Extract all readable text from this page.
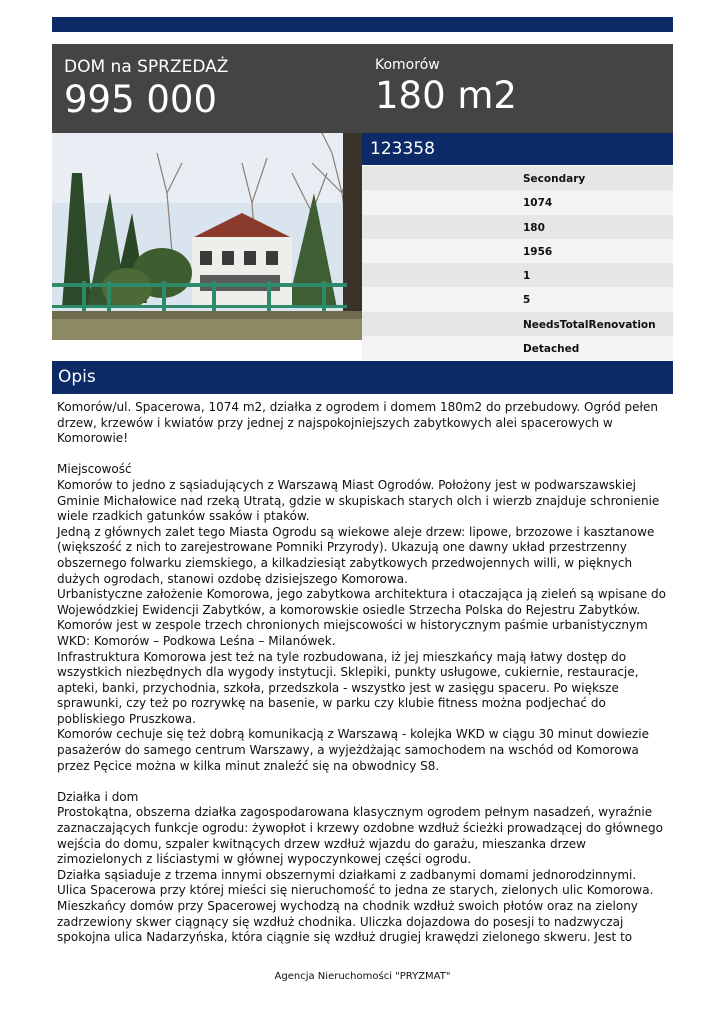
DOM na SPRZEDAŻ
995 000
Komorów
180 m2
123358
Secondary
1074
180
1956
1
5
NeedsTotalRenovation
Detached
Opis

Komorów/ul. Spacerowa, 1074 m2, działka z ogrodem i domem 180m2 do przebudowy. Ogród pełen drzew, krzewów i kwiatów przy jednej z najspokojniejszych zabytkowych alei spacerowych w Komorowie!

Miejscowość

Komorów to jedno z sąsiadujących z Warszawą Miast Ogrodów. Położony jest w podwarszawskiej Gminie Michałowice nad rzeką Utratą, gdzie w skupiskach starych olch i wierzb znajduje schronienie wiele rzadkich gatunków ssaków i ptaków.

Jedną z głównych zalet tego Miasta Ogrodu są wiekowe aleje drzew: lipowe, brzozowe i kasztanowe (większość z nich to zarejestrowane Pomniki Przyrody). Ukazują one dawny układ przestrzenny obszernego folwarku ziemskiego, a kilkadziesiąt zabytkowych przedwojennych willi, w pięknych dużych ogrodach, stanowi ozdobę dzisiejszego Komorowa.

Urbanistyczne założenie Komorowa, jego zabytkowa architektura i otaczająca ją zieleń są wpisane do Wojewódzkiej Ewidencji Zabytków, a komorowskie osiedle Strzecha Polska do Rejestru Zabytków. Komorów jest w zespole trzech chronionych miejscowości w historycznym paśmie urbanistycznym WKD: Komorów – Podkowa Leśna – Milanówek.

Infrastruktura Komorowa jest też na tyle rozbudowana, iż jej mieszkańcy mają łatwy dostęp do wszystkich niezbędnych dla wygody instytucji. Sklepiki, punkty usługowe, cukiernie, restauracje, apteki, banki, przychodnia, szkoła, przedszkola - wszystko jest w zasięgu spaceru. Po większe sprawunki, czy też po rozrywkę na basenie, w parku czy klubie fitness można podjechać do pobliskiego Pruszkowa.

Komorów cechuje się też dobrą komunikacją z Warszawą - kolejka WKD w ciągu 30 minut dowiezie pasażerów do samego centrum Warszawy, a wyjeżdżając samochodem na wschód od Komorowa przez Pęcice można w kilka minut znaleźć się na obwodnicy S8.

Działka i dom

Prostokątna, obszerna działka zagospodarowana klasycznym ogrodem pełnym nasadzeń, wyraźnie zaznaczających funkcje ogrodu: żywopłot i krzewy ozdobne wzdłuż ścieżki prowadzącej do głównego wejścia do domu, szpaler kwitnących drzew wzdłuż wjazdu do garażu, mieszanka drzew zimozielonych z liściastymi w głównej wypoczynkowej części ogrodu.

Działka sąsiaduje z trzema innymi obszernymi działkami z zadbanymi domami jednorodzinnymi. Ulica Spacerowa przy której mieści się nieruchomość to jedna ze starych, zielonych ulic Komorowa. Mieszkańcy domów przy Spacerowej wychodzą na chodnik wzdłuż swoich płotów oraz na zielony zadrzewiony skwer ciągnący się wzdłuż chodnika. Uliczka dojazdowa do posesji to nadzwyczaj spokojna ulica Nadarzyńska, która ciągnie się wzdłuż drugiej krawędzi zielonego skweru. Jest to

Agencja Nieruchomości "PRYZMAT"
